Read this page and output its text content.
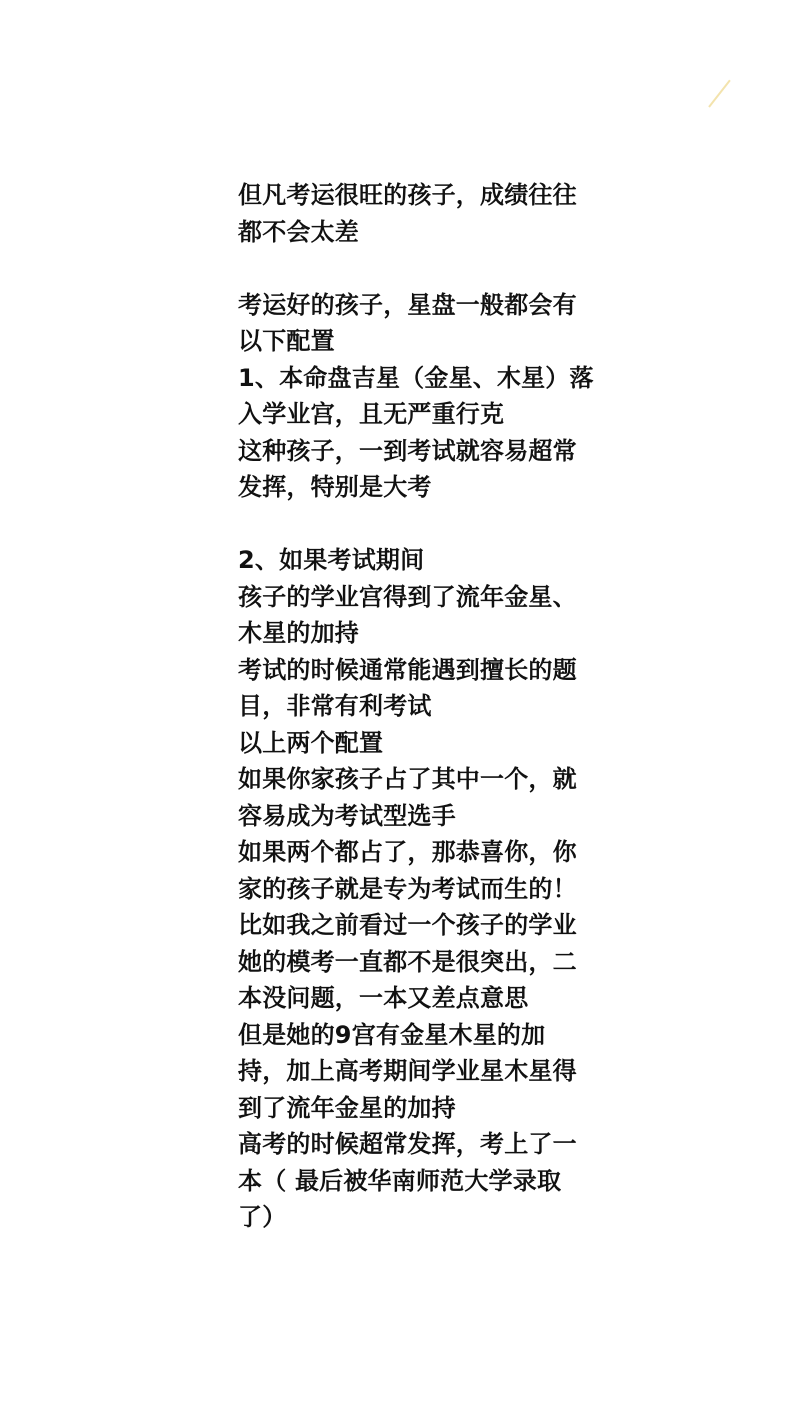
但凡考运很旺的孩子，成绩往往
都不会太差
考运好的孩子，星盘一般都会有
以下配置
1、本命盘吉星（金星、木星）落
入学业宫，且无严重行克
这种孩子，一到考试就容易超常
发挥，特别是大考
2、如果考试期间
孩子的学业宫得到了流年金星、
木星的加持
考试的时候通常能遇到擅长的题
目，非常有利考试
以上两个配置
如果你家孩子占了其中一个，就
容易成为考试型选手
如果两个都占了，那恭喜你，你
家的孩子就是专为考试而生的！
比如我之前看过一个孩子的学业
她的模考一直都不是很突出，二
本没问题，一本又差点意思
但是她的9宫有金星木星的加
持，加上高考期间学业星木星得
到了流年金星的加持
高考的时候超常发挥，考上了一
本（ 最后被华南师范大学录取
了）
